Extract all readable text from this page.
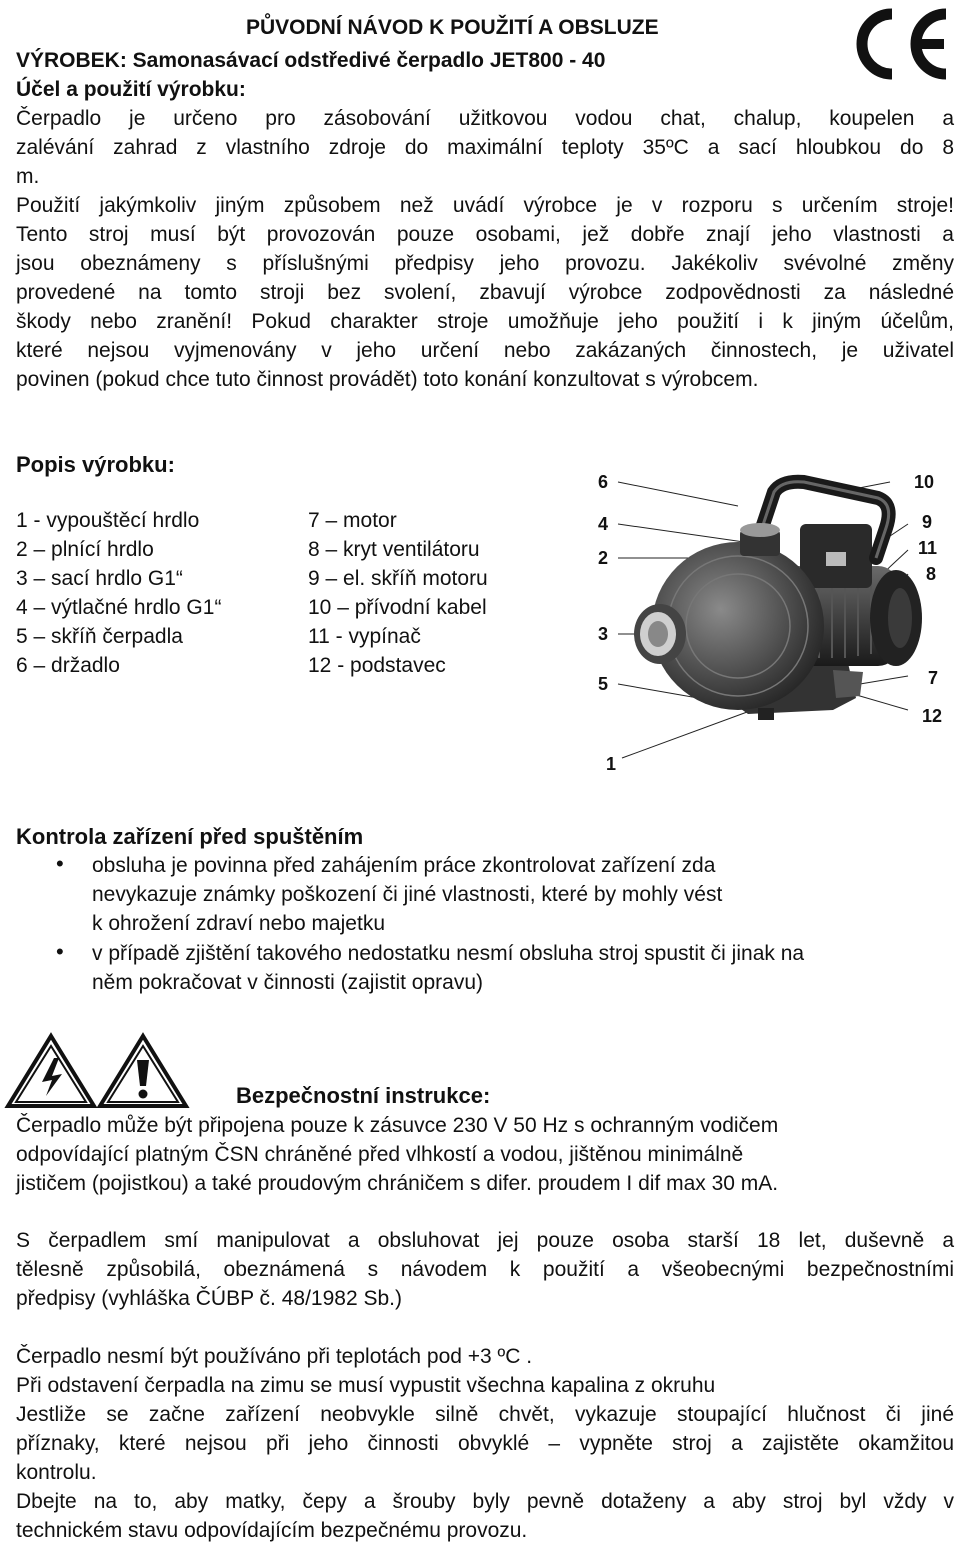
PŮVODNÍ NÁVOD K POUŽITÍ A OBSLUZE
VÝROBEK: Samonasávací odstředivé čerpadlo JET800 - 40
Účel a použití výrobku:
Čerpadlo je určeno pro zásobování užitkovou vodou chat, chalup, koupelen a
zalévání zahrad z vlastního zdroje do maximální teploty 35ºC a sací hloubkou do 8
m.
Použití jakýmkoliv jiným způsobem než uvádí výrobce je v rozporu s určením stroje!
Tento stroj musí být provozován pouze osobami, jež dobře znají jeho vlastnosti a
jsou obeznámeny s příslušnými předpisy jeho provozu. Jakékoliv svévolné změny
provedené na tomto stroji bez svolení, zbavují výrobce zodpovědnosti za následné
škody nebo zranění! Pokud charakter stroje umožňuje jeho použití i k jiným účelům,
které nejsou vyjmenovány v jeho určení nebo zakázaných činnostech, je uživatel
povinen (pokud chce tuto činnost provádět) toto konání konzultovat s výrobcem.
Popis výrobku:
1 - vypouštěcí hrdlo
2 – plnící hrdlo
3 – sací hrdlo G1“
4 – výtlačné hrdlo G1“
5 – skříň čerpadla
6 – držadlo
7 – motor
8 – kryt ventilátoru
9 – el. skříň motoru
10 – přívodní kabel
11 - vypínač
12 - podstavec
6
4
2
3
5
1
10
9
11
8
7
12
Kontrola zařízení před spuštěním
• obsluha je povinna před zahájením práce zkontrolovat zařízení zda
nevykazuje známky poškození či jiné vlastnosti, které by mohly vést
k ohrožení zdraví nebo majetku
• v případě zjištění takového nedostatku nesmí obsluha stroj spustit či jinak na
něm pokračovat v činnosti (zajistit opravu)
Bezpečnostní instrukce:
Čerpadlo může být připojena pouze k zásuvce 230 V 50 Hz s ochranným vodičem
odpovídající platným ČSN chráněné před vlhkostí a vodou, jištěnou minimálně
jističem (pojistkou) a také proudovým chráničem s difer. proudem I dif max 30 mA.
S čerpadlem smí manipulovat a obsluhovat jej pouze osoba starší 18 let, duševně a
tělesně způsobilá, obeznámená s návodem k použití a všeobecnými bezpečnostními
předpisy (vyhláška ČÚBP č. 48/1982 Sb.)
Čerpadlo nesmí být používáno při teplotách pod +3 ºC .
Při odstavení čerpadla na zimu se musí vypustit všechna kapalina z okruhu
Jestliže se začne zařízení neobvykle silně chvět, vykazuje stoupající hlučnost či jiné
příznaky, které nejsou při jeho činnosti obvyklé – vypněte stroj a zajistěte okamžitou
kontrolu.
Dbejte na to, aby matky, čepy a šrouby byly pevně dotaženy a aby stroj byl vždy v
technickém stavu odpovídajícím bezpečnému provozu.
